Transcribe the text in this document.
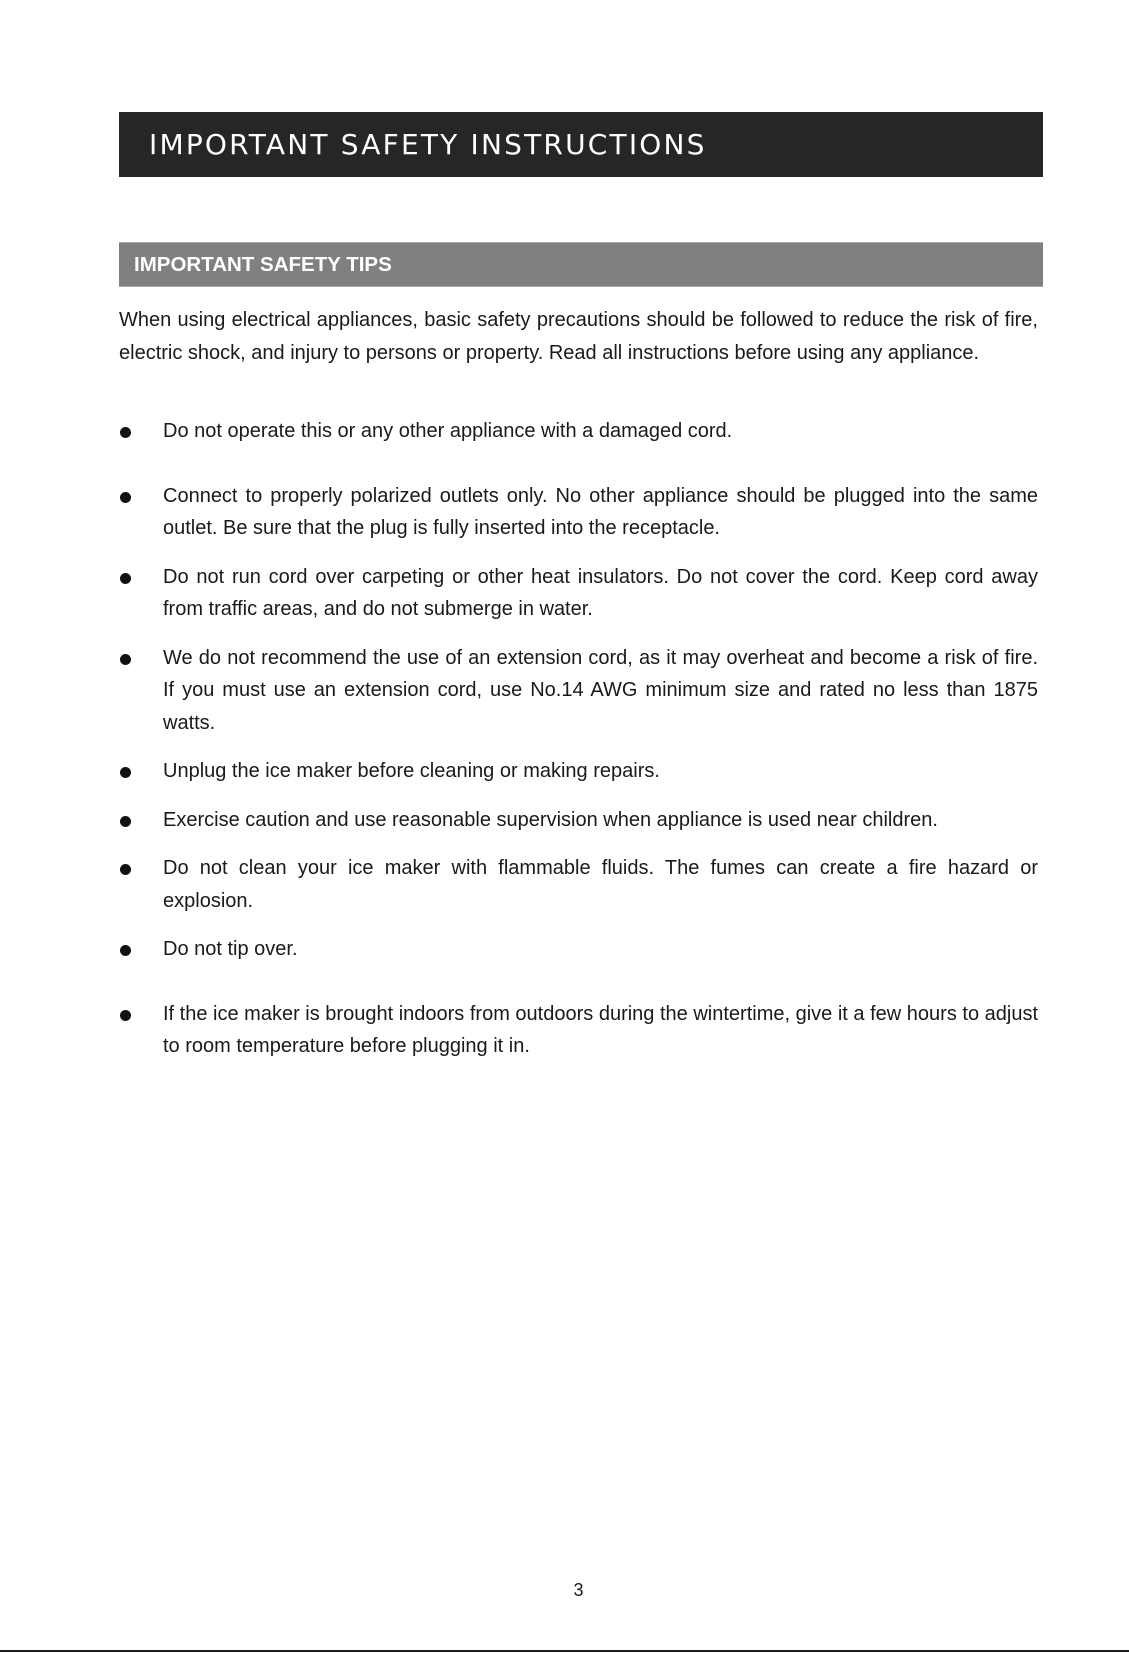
IMPORTANT SAFETY INSTRUCTIONS
IMPORTANT SAFETY TIPS

When using electrical appliances, basic safety precautions should be followed to reduce the risk of fire, electric shock, and injury to persons or property. Read all instructions before using any appliance.

Do not operate this or any other appliance with a damaged cord.
Connect to properly polarized outlets only. No other appliance should be plugged into the same outlet. Be sure that the plug is fully inserted into the receptacle.
Do not run cord over carpeting or other heat insulators. Do not cover the cord. Keep cord away from traffic areas, and do not submerge in water.
We do not recommend the use of an extension cord, as it may overheat and become a risk of fire. If you must use an extension cord, use No.14 AWG minimum size and rated no less than 1875 watts.
Unplug the ice maker before cleaning or making repairs.
Exercise caution and use reasonable supervision when appliance is used near children.
Do not clean your ice maker with flammable fluids. The fumes can create a fire hazard or explosion.
Do not tip over.
If the ice maker is brought indoors from outdoors during the wintertime, give it a few hours to adjust to room temperature before plugging it in.
3
